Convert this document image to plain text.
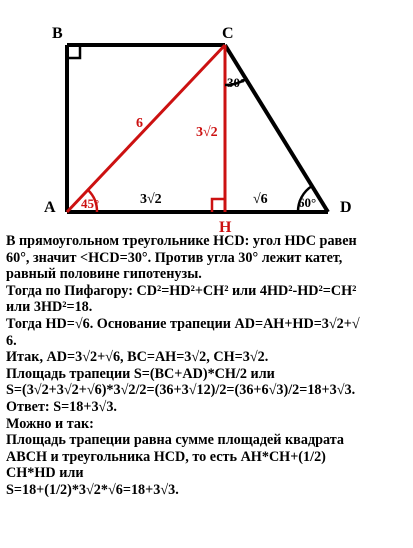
B	C
A	D
H
6
3√2
3√2	√6
45°
30°
60°
В прямоугольном треугольнике HCD: угол HDC равен
60°, значит <HCD=30°. Против угла 30° лежит катет,
равный половине гипотенузы.
Тогда по Пифагору: CD²=HD²+CH² или 4HD²-HD²=CH²
или 3HD²=18.
Тогда HD=√6. Основание трапеции AD=AH+HD=3√2+√
6.
Итак, AD=3√2+√6, BC=AH=3√2, CH=3√2.
Площадь трапеции S=(BC+AD)*CH/2 или
S=(3√2+3√2+√6)*3√2/2=(36+3√12)/2=(36+6√3)/2=18+3√3.
Ответ: S=18+3√3.
Можно и так:
Площадь трапеции равна сумме площадей квадрата
ABCH и треугольника HCD, то есть AH*CH+(1/2)
CH*HD или
S=18+(1/2)*3√2*√6=18+3√3.
